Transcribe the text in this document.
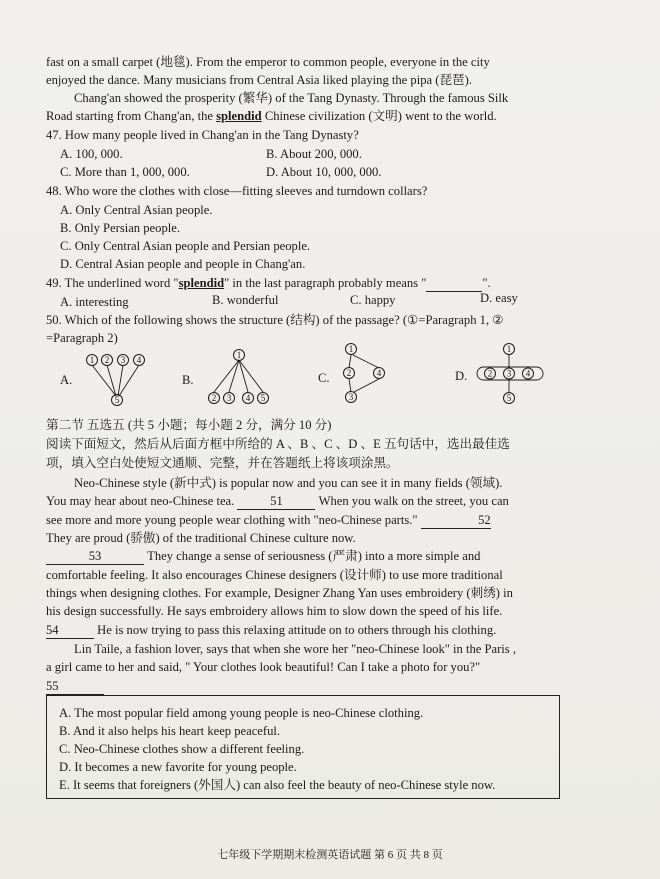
fast on a small carpet (地毯). From the emperor to common people, everyone in the city
enjoyed the dance. Many musicians from Central Asia liked playing the pipa (琵琶).
Chang'an showed the prosperity (繁华) of the Tang Dynasty. Through the famous Silk
Road starting from Chang'an, the splendid Chinese civilization (文明) went to the world.
47. How many people lived in Chang'an in the Tang Dynasty?
A. 100, 000.	B. About 200, 000.
C. More than 1, 000, 000.	D. About 10, 000, 000.
48. Who wore the clothes with close—fitting sleeves and turndown collars?
A. Only Central Asian people.
B. Only Persian people.
C. Only Central Asian people and Persian people.
D. Central Asian people and people in Chang'an.
49. The underlined word "splendid" in the last paragraph probably means "	".
A. interesting	B. wonderful	C. happy	D. easy
50. Which of the following shows the structure (结构) of the passage? (①=Paragraph 1, ②
=Paragraph 2)
A.
1 2 3 4
5
B.
1
2 3 4 5
C.
1
2	4
3
D.
1
2 3 4
5
第二节 五选五 (共 5 小题；每小题 2 分，满分 10 分)
阅读下面短文，然后从后面方框中所给的 A 、B 、C 、D 、E 五句话中，选出最佳选
项，填入空白处使短文通顺、完整，并在答题纸上将该项涂黑。
Neo-Chinese style (新中式) is popular now and you can see it in many fields (领域).
You may hear about neo-Chinese tea.	51	When you walk on the street, you can
see more and more young people wear clothing with "neo-Chinese parts."	52
They are proud (骄傲) of the traditional Chinese culture now.
53	They change a sense of seriousness (严肃) into a more simple and
comfortable feeling. It also encourages Chinese designers (设计师) to use more traditional
things when designing clothes. For example, Designer Zhang Yan uses embroidery (刺绣) in
his design successfully. He says embroidery allows him to slow down the speed of his life.
54	He is now trying to pass this relaxing attitude on to others through his clothing.
Lin Taile, a fashion lover, says that when she wore her "neo-Chinese look" in the Paris ,
a girl came to her and said, " Your clothes look beautiful! Can I take a photo for you?"
55
A. The most popular field among young people is neo-Chinese clothing.
B. And it also helps his heart keep peaceful.
C. Neo-Chinese clothes show a different feeling.
D. It becomes a new favorite for young people.
E. It seems that foreigners (外国人) can also feel the beauty of neo-Chinese style now.
七年级下学期期末检测英语试题 第 6 页 共 8 页
